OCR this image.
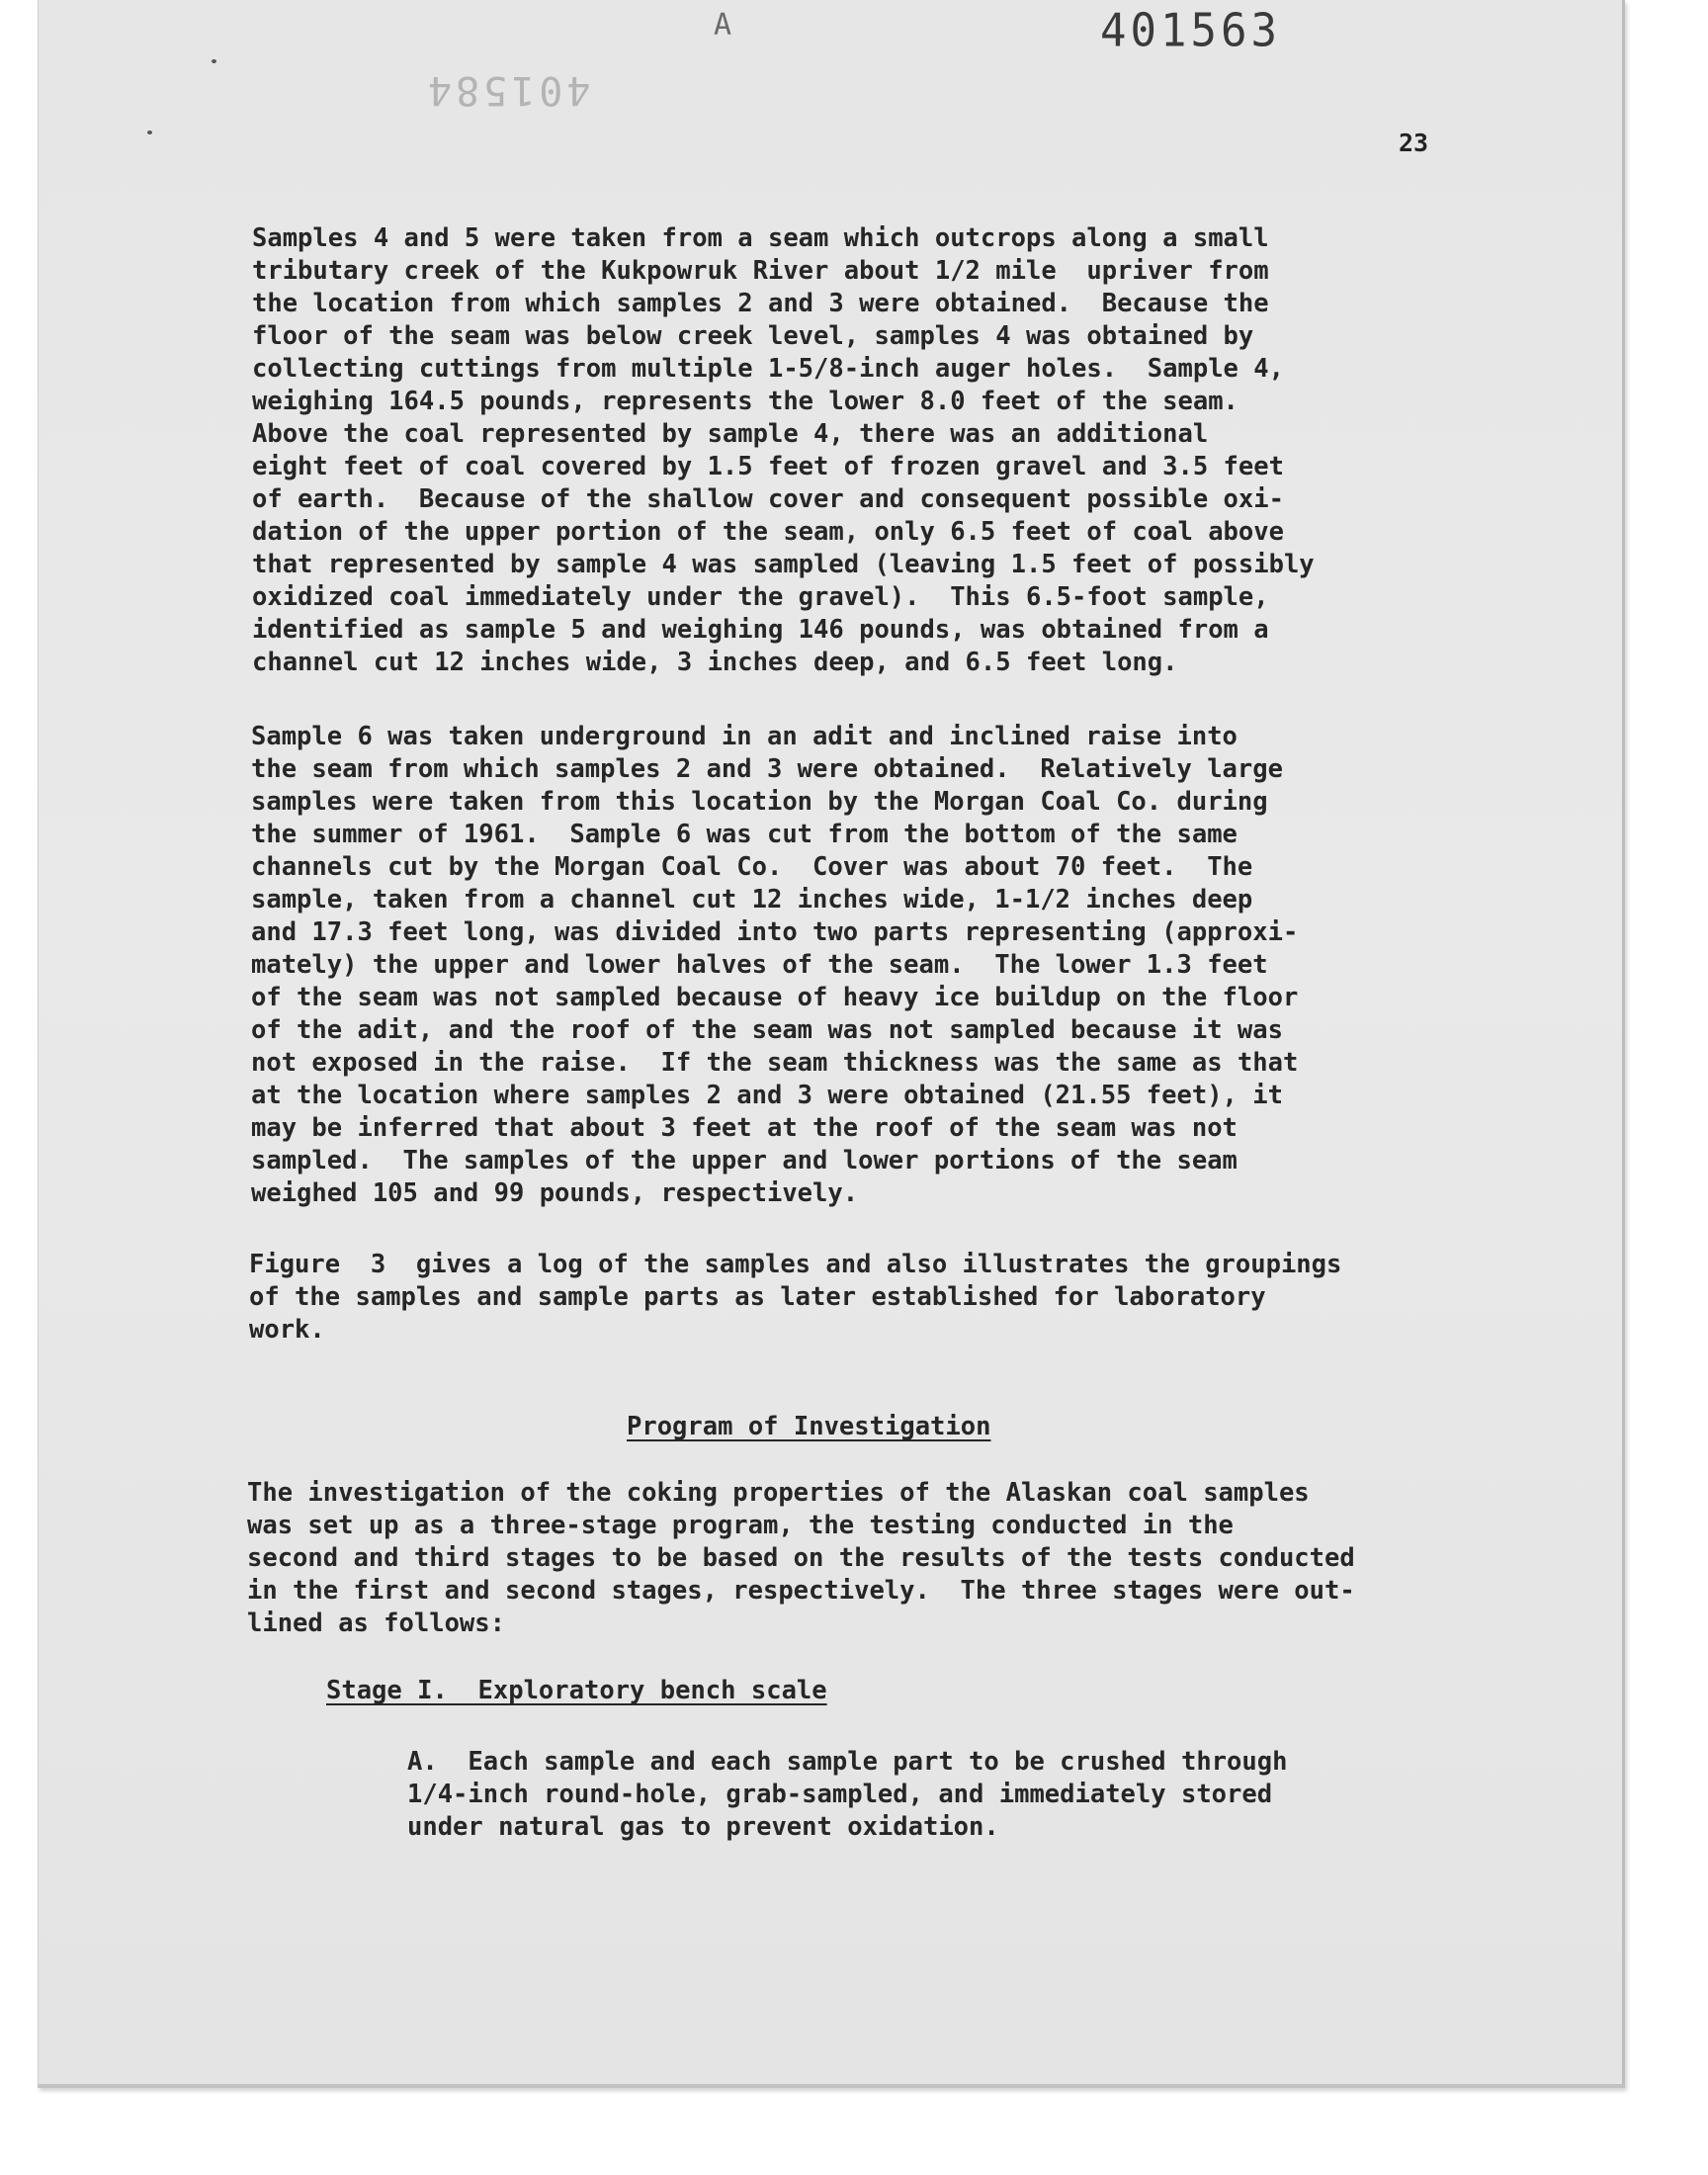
A	401563
401584
23

Samples 4 and 5 were taken from a seam which outcrops along a small
tributary creek of the Kukpowruk River about 1/2 mile  upriver from
the location from which samples 2 and 3 were obtained.  Because the
floor of the seam was below creek level, samples 4 was obtained by
collecting cuttings from multiple 1-5/8-inch auger holes.  Sample 4,
weighing 164.5 pounds, represents the lower 8.0 feet of the seam.
Above the coal represented by sample 4, there was an additional
eight feet of coal covered by 1.5 feet of frozen gravel and 3.5 feet
of earth.  Because of the shallow cover and consequent possible oxi-
dation of the upper portion of the seam, only 6.5 feet of coal above
that represented by sample 4 was sampled (leaving 1.5 feet of possibly
oxidized coal immediately under the gravel).  This 6.5-foot sample,
identified as sample 5 and weighing 146 pounds, was obtained from a
channel cut 12 inches wide, 3 inches deep, and 6.5 feet long.

Sample 6 was taken underground in an adit and inclined raise into
the seam from which samples 2 and 3 were obtained.  Relatively large
samples were taken from this location by the Morgan Coal Co. during
the summer of 1961.  Sample 6 was cut from the bottom of the same
channels cut by the Morgan Coal Co.  Cover was about 70 feet.  The
sample, taken from a channel cut 12 inches wide, 1-1/2 inches deep
and 17.3 feet long, was divided into two parts representing (approxi-
mately) the upper and lower halves of the seam.  The lower 1.3 feet
of the seam was not sampled because of heavy ice buildup on the floor
of the adit, and the roof of the seam was not sampled because it was
not exposed in the raise.  If the seam thickness was the same as that
at the location where samples 2 and 3 were obtained (21.55 feet), it
may be inferred that about 3 feet at the roof of the seam was not
sampled.  The samples of the upper and lower portions of the seam
weighed 105 and 99 pounds, respectively.

Figure  3  gives a log of the samples and also illustrates the groupings
of the samples and sample parts as later established for laboratory
work.

Program of Investigation

The investigation of the coking properties of the Alaskan coal samples
was set up as a three-stage program, the testing conducted in the
second and third stages to be based on the results of the tests conducted
in the first and second stages, respectively.  The three stages were out-
lined as follows:

Stage I.  Exploratory bench scale

A.  Each sample and each sample part to be crushed through
1/4-inch round-hole, grab-sampled, and immediately stored
under natural gas to prevent oxidation.
